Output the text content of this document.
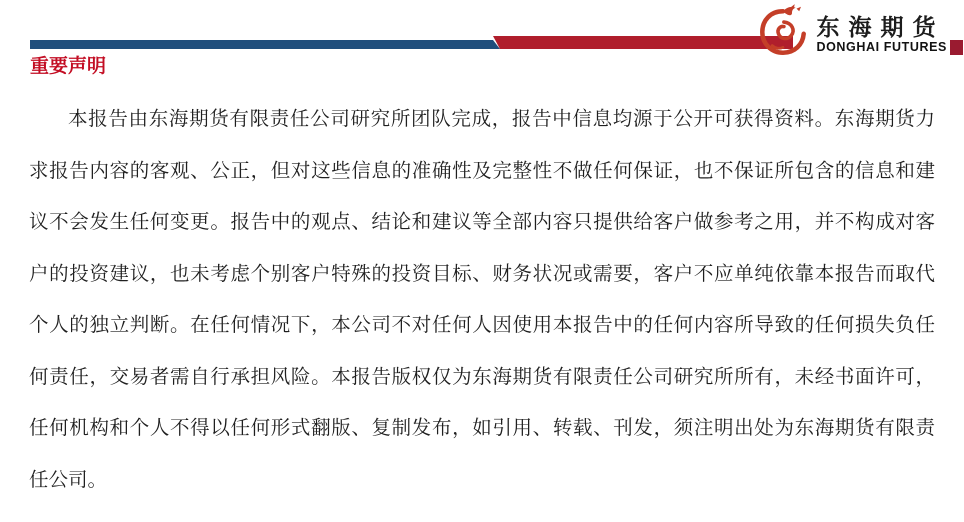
东海期货
DONGHAI FUTURES
重要声明
本报告由东海期货有限责任公司研究所团队完成，报告中信息均源于公开可获得资料。东海期货力
求报告内容的客观、公正，但对这些信息的准确性及完整性不做任何保证，也不保证所包含的信息和建
议不会发生任何变更。报告中的观点、结论和建议等全部内容只提供给客户做参考之用，并不构成对客
户的投资建议，也未考虑个别客户特殊的投资目标、财务状况或需要，客户不应单纯依靠本报告而取代
个人的独立判断。在任何情况下，本公司不对任何人因使用本报告中的任何内容所导致的任何损失负任
何责任，交易者需自行承担风险。本报告版权仅为东海期货有限责任公司研究所所有，未经书面许可，
任何机构和个人不得以任何形式翻版、复制发布，如引用、转载、刊发，须注明出处为东海期货有限责
任公司。
